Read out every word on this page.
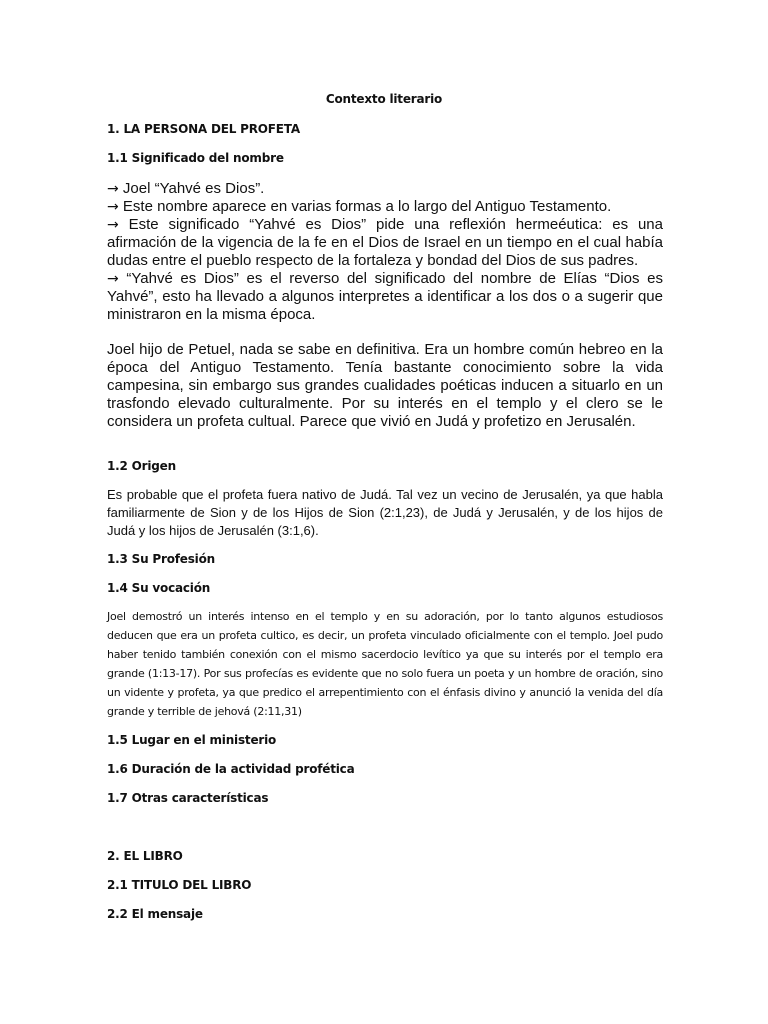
Contexto literario
1. LA PERSONA DEL PROFETA
1.1 Significado del nombre

→ Joel “Yahvé es Dios”.

→ Este nombre aparece en varias formas a lo largo del Antiguo Testamento.

→ Este significado “Yahvé es Dios” pide una reflexión hermeéutica: es una afirmación de la vigencia de la fe en el Dios de Israel en un tiempo en el cual había dudas entre el pueblo respecto de la fortaleza y bondad del Dios de sus padres.

→ “Yahvé es Dios” es el reverso del significado del nombre de Elías “Dios es Yahvé”, esto ha llevado a algunos interpretes a identificar a los dos o a sugerir que ministraron en la misma época.

Joel hijo de Petuel, nada se sabe en definitiva. Era un hombre común hebreo en la época del Antiguo Testamento. Tenía bastante conocimiento sobre la vida campesina, sin embargo sus grandes cualidades poéticas inducen a situarlo en un trasfondo elevado culturalmente. Por su interés en el templo y el clero se le considera un profeta cultual. Parece que vivió en Judá y profetizo en Jerusalén.

1.2 Origen

Es probable que el profeta fuera nativo de Judá. Tal vez un vecino de Jerusalén, ya que habla familiarmente de Sion y de los Hijos de Sion (2:1,23), de Judá y Jerusalén, y de los hijos de Judá y los hijos de Jerusalén (3:1,6).

1.3 Su Profesión
1.4 Su vocación

Joel demostró un interés intenso en el templo y en su adoración, por lo tanto algunos estudiosos deducen que era un profeta cultico, es decir, un profeta vinculado oficialmente con el templo. Joel pudo haber tenido también conexión con el mismo sacerdocio levítico ya que su interés por el templo era grande (1:13-17). Por sus profecías es evidente que no solo fuera un poeta y un hombre de oración, sino un vidente y profeta, ya que predico el arrepentimiento con el énfasis divino y anunció la venida del día grande y terrible de jehová (2:11,31)

1.5 Lugar en el ministerio
1.6 Duración de la actividad profética
1.7 Otras características
2. EL LIBRO
2.1 TITULO DEL LIBRO
2.2 El mensaje
